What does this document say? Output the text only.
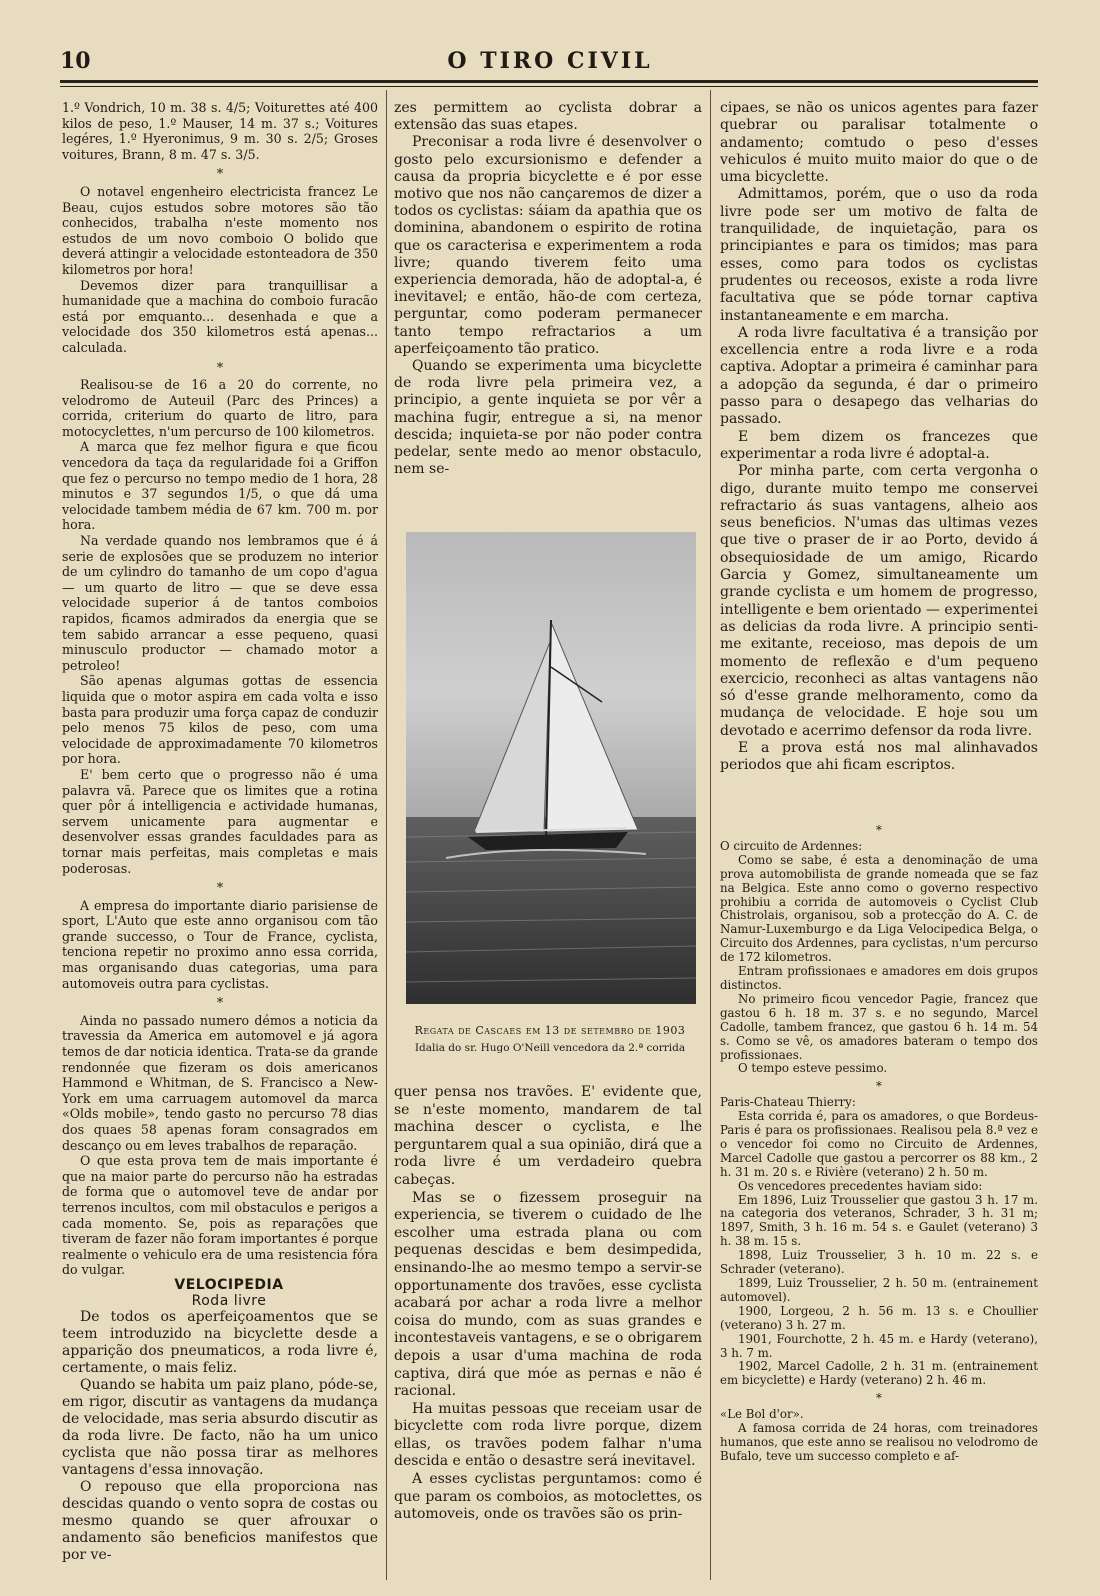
10	O TIRO CIVIL

1.º Vondrich, 10 m. 38 s. 4/5; Voiturettes até 400 kilos de peso, 1.º Mauser, 14 m. 37 s.; Voitures legéres, 1.º Hyeronimus, 9 m. 30 s. 2/5; Groses voitures, Brann, 8 m. 47 s. 3/5.

*

O notavel engenheiro electricista francez Le Beau, cujos estudos sobre motores são tão conhecidos, trabalha n'este momento nos estudos de um novo comboio O bolido que deverá attingir a velocidade estonteadora de 350 kilometros por hora!

Devemos dizer para tranquillisar a humanidade que a machina do comboio furacão está por emquanto... desenhada e que a velocidade dos 350 kilometros está apenas... calculada.

*

Realisou-se de 16 a 20 do corrente, no velodromo de Auteuil (Parc des Princes) a corrida, criterium do quarto de litro, para motocyclettes, n'um percurso de 100 kilometros.

A marca que fez melhor figura e que ficou vencedora da taça da regularidade foi a Griffon que fez o percurso no tempo medio de 1 hora, 28 minutos e 37 segundos 1/5, o que dá uma velocidade tambem média de 67 km. 700 m. por hora.

Na verdade quando nos lembramos que é á serie de explosões que se produzem no interior de um cylindro do tamanho de um copo d'agua — um quarto de litro — que se deve essa velocidade superior á de tantos comboios rapidos, ficamos admirados da energia que se tem sabido arrancar a esse pequeno, quasi minusculo productor — chamado motor a petroleo!

São apenas algumas gottas de essencia liquida que o motor aspira em cada volta e isso basta para produzir uma força capaz de conduzir pelo menos 75 kilos de peso, com uma velocidade de approximadamente 70 kilometros por hora.

E' bem certo que o progresso não é uma palavra vã. Parece que os limites que a rotina quer pôr á intelligencia e actividade humanas, servem unicamente para augmentar e desenvolver essas grandes faculdades para as tornar mais perfeitas, mais completas e mais poderosas.

*

A empresa do importante diario parisiense de sport, L'Auto que este anno organisou com tão grande successo, o Tour de France, cyclista, tenciona repetir no proximo anno essa corrida, mas organisando duas categorias, uma para automoveis outra para cyclistas.

*

Ainda no passado numero démos a noticia da travessia da America em automovel e já agora temos de dar noticia identica. Trata-se da grande rendonnée que fizeram os dois americanos Hammond e Whitman, de S. Francisco a New-York em uma carruagem automovel da marca «Olds mobile», tendo gasto no percurso 78 dias dos quaes 58 apenas foram consagrados em descanço ou em leves trabalhos de reparação.

O que esta prova tem de mais importante é que na maior parte do percurso não ha estradas de forma que o automovel teve de andar por terrenos incultos, com mil obstaculos e perigos a cada momento. Se, pois as reparações que tiveram de fazer não foram importantes é porque realmente o vehiculo era de uma resistencia fóra do vulgar.

VELOCIPEDIA

Roda livre

De todos os aperfeiçoamentos que se teem introduzido na bicyclette desde a apparição dos pneumaticos, a roda livre é, certamente, o mais feliz.

Quando se habita um paiz plano, póde-se, em rigor, discutir as vantagens da mudança de velocidade, mas seria absurdo discutir as da roda livre. De facto, não ha um unico cyclista que não possa tirar as melhores vantagens d'essa innovação.

O repouso que ella proporciona nas descidas quando o vento sopra de costas ou mesmo quando se quer afrouxar o andamento são beneficios manifestos que por ve-

zes permittem ao cyclista dobrar a extensão das suas etapes.

Preconisar a roda livre é desenvolver o gosto pelo excursionismo e defender a causa da propria bicyclette e é por esse motivo que nos não cançaremos de dizer a todos os cyclistas: sáiam da apathia que os dominina, abandonem o espirito de rotina que os caracterisa e experimentem a roda livre; quando tiverem feito uma experiencia demorada, hão de adoptal-a, é inevitavel; e então, hão-de com certeza, perguntar, como poderam permanecer tanto tempo refractarios a um aperfeiçoamento tão pratico.

Quando se experimenta uma bicyclette de roda livre pela primeira vez, a principio, a gente inquieta se por vêr a machina fugir, entregue a si, na menor descida; inquieta-se por não poder contra pedelar, sente medo ao menor obstaculo, nem se-

Regata de Cascaes em 13 de setembro de 1903
Idalia do sr. Hugo O'Neill vencedora da 2.ª corrida

quer pensa nos travões. E' evidente que, se n'este momento, mandarem de tal machina descer o cyclista, e lhe perguntarem qual a sua opinião, dirá que a roda livre é um verdadeiro quebra cabeças.

Mas se o fizessem proseguir na experiencia, se tiverem o cuidado de lhe escolher uma estrada plana ou com pequenas descidas e bem desimpedida, ensinando-lhe ao mesmo tempo a servir-se opportunamente dos travões, esse cyclista acabará por achar a roda livre a melhor coisa do mundo, com as suas grandes e incontestaveis vantagens, e se o obrigarem depois a usar d'uma machina de roda captiva, dirá que móe as pernas e não é racional.

Ha muitas pessoas que receiam usar de bicyclette com roda livre porque, dizem ellas, os travões podem falhar n'uma descida e então o desastre será inevitavel.

A esses cyclistas perguntamos: como é que param os comboios, as motoclettes, os automoveis, onde os travões são os prin-

cipaes, se não os unicos agentes para fazer quebrar ou paralisar totalmente o andamento; comtudo o peso d'esses vehiculos é muito muito maior do que o de uma bicyclette.

Admittamos, porém, que o uso da roda livre pode ser um motivo de falta de tranquilidade, de inquietação, para os principiantes e para os timidos; mas para esses, como para todos os cyclistas prudentes ou receosos, existe a roda livre facultativa que se póde tornar captiva instantaneamente e em marcha.

A roda livre facultativa é a transição por excellencia entre a roda livre e a roda captiva. Adoptar a primeira é caminhar para a adopção da segunda, é dar o primeiro passo para o desapego das velharias do passado.

E bem dizem os francezes que experimentar a roda livre é adoptal-a.

Por minha parte, com certa vergonha o digo, durante muito tempo me conservei refractario ás suas vantagens, alheio aos seus beneficios. N'umas das ultimas vezes que tive o praser de ir ao Porto, devido á obsequiosidade de um amigo, Ricardo Garcia y Gomez, simultaneamente um grande cyclista e um homem de progresso, intelligente e bem orientado — experimentei as delicias da roda livre. A principio senti-me exitante, receioso, mas depois de um momento de reflexão e d'um pequeno exercicio, reconheci as altas vantagens não só d'esse grande melhoramento, como da mudança de velocidade. E hoje sou um devotado e acerrimo defensor da roda livre.

E a prova está nos mal alinhavados periodos que ahi ficam escriptos.

*

O circuito de Ardennes:

Como se sabe, é esta a denominação de uma prova automobilista de grande nomeada que se faz na Belgica. Este anno como o governo respectivo prohibiu a corrida de automoveis o Cyclist Club Chistrolais, organisou, sob a protecção do A. C. de Namur-Luxemburgo e da Liga Velocipedica Belga, o Circuito dos Ardennes, para cyclistas, n'um percurso de 172 kilometros.

Entram profissionaes e amadores em dois grupos distinctos.

No primeiro ficou vencedor Pagie, francez que gastou 6 h. 18 m. 37 s. e no segundo, Marcel Cadolle, tambem francez, que gastou 6 h. 14 m. 54 s. Como se vê, os amadores bateram o tempo dos profissionaes.

O tempo esteve pessimo.

*

Paris-Chateau Thierry:

Esta corrida é, para os amadores, o que Bordeus-Paris é para os profissionaes. Realisou pela 8.ª vez e o vencedor foi como no Circuito de Ardennes, Marcel Cadolle que gastou a percorrer os 88 km., 2 h. 31 m. 20 s. e Rivière (veterano) 2 h. 50 m.

Os vencedores precedentes haviam sido:

Em 1896, Luiz Trousselier que gastou 3 h. 17 m. na categoria dos veteranos, Schrader, 3 h. 31 m; 1897, Smith, 3 h. 16 m. 54 s. e Gaulet (veterano) 3 h. 38 m. 15 s.

1898, Luiz Trousselier, 3 h. 10 m. 22 s. e Schrader (veterano).

1899, Luiz Trousselier, 2 h. 50 m. (entrainement automovel).

1900, Lorgeou, 2 h. 56 m. 13 s. e Choullier (veterano) 3 h. 27 m.

1901, Fourchotte, 2 h. 45 m. e Hardy (veterano), 3 h. 7 m.

1902, Marcel Cadolle, 2 h. 31 m. (entrainement em bicyclette) e Hardy (veterano) 2 h. 46 m.

*

«Le Bol d'or».

A famosa corrida de 24 horas, com treinadores humanos, que este anno se realisou no velodromo de Bufalo, teve um successo completo e af-
